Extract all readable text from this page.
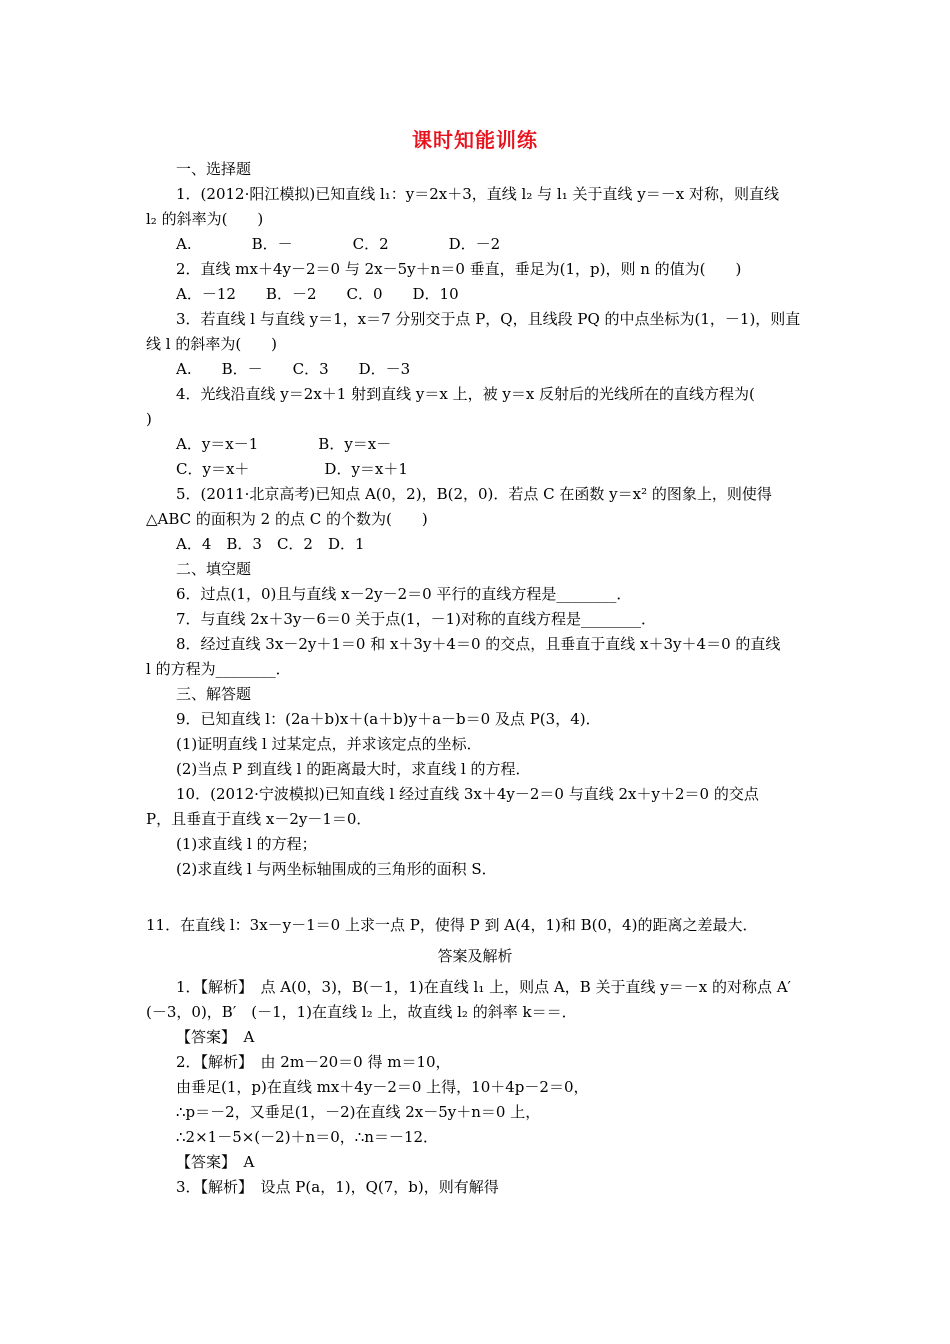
课时知能训练
一、选择题
1．(2012·阳江模拟)已知直线 l₁：y＝2x＋3，直线 l₂ 与 l₁ 关于直线 y＝－x 对称，则直线
l₂ 的斜率为(　　)
A.　　　　B．－　　　　C．2　　　　D．－2
2．直线 mx＋4y－2＝0 与 2x－5y＋n＝0 垂直，垂足为(1，p)，则 n 的值为(　　)
A．－12　　B．－2　　C．0　　D．10
3．若直线 l 与直线 y＝1，x＝7 分别交于点 P，Q，且线段 PQ 的中点坐标为(1，－1)，则直
线 l 的斜率为(　　)
A.　　B．－　　C．3　　D．－3
4．光线沿直线 y＝2x＋1 射到直线 y＝x 上，被 y＝x 反射后的光线所在的直线方程为(
)
A．y＝x－1　　　　B．y＝x－
C．y＝x＋　　　　　D．y＝x＋1
5．(2011·北京高考)已知点 A(0，2)，B(2，0)．若点 C 在函数 y＝x² 的图象上，则使得
△ABC 的面积为 2 的点 C 的个数为(　　)
A．4　B．3　C．2　D．1
二、填空题
6．过点(1，0)且与直线 x－2y－2＝0 平行的直线方程是________．
7．与直线 2x＋3y－6＝0 关于点(1，－1)对称的直线方程是________．
8．经过直线 3x－2y＋1＝0 和 x＋3y＋4＝0 的交点，且垂直于直线 x＋3y＋4＝0 的直线
l 的方程为________．
三、解答题
9．已知直线 l：(2a＋b)x＋(a＋b)y＋a－b＝0 及点 P(3，4)．
(1)证明直线 l 过某定点，并求该定点的坐标．
(2)当点 P 到直线 l 的距离最大时，求直线 l 的方程．
10．(2012·宁波模拟)已知直线 l 经过直线 3x＋4y－2＝0 与直线 2x＋y＋2＝0 的交点
P，且垂直于直线 x－2y－1＝0．
(1)求直线 l 的方程；
(2)求直线 l 与两坐标轴围成的三角形的面积 S．
11．在直线 l：3x－y－1＝0 上求一点 P，使得 P 到 A(4，1)和 B(0，4)的距离之差最大．
答案及解析
1．【解析】　点 A(0，3)，B(－1，1)在直线 l₁ 上，则点 A，B 关于直线 y＝－x 的对称点 A′
(－3，0)，B′　(－1，1)在直线 l₂ 上，故直线 l₂ 的斜率 k＝＝．
【答案】　A
2．【解析】　由 2m－20＝0 得 m＝10，
由垂足(1，p)在直线 mx＋4y－2＝0 上得，10＋4p－2＝0，
∴p＝－2，又垂足(1，－2)在直线 2x－5y＋n＝0 上，
∴2×1－5×(－2)＋n＝0，∴n＝－12．
【答案】　A
3．【解析】　设点 P(a，1)，Q(7，b)，则有解得
